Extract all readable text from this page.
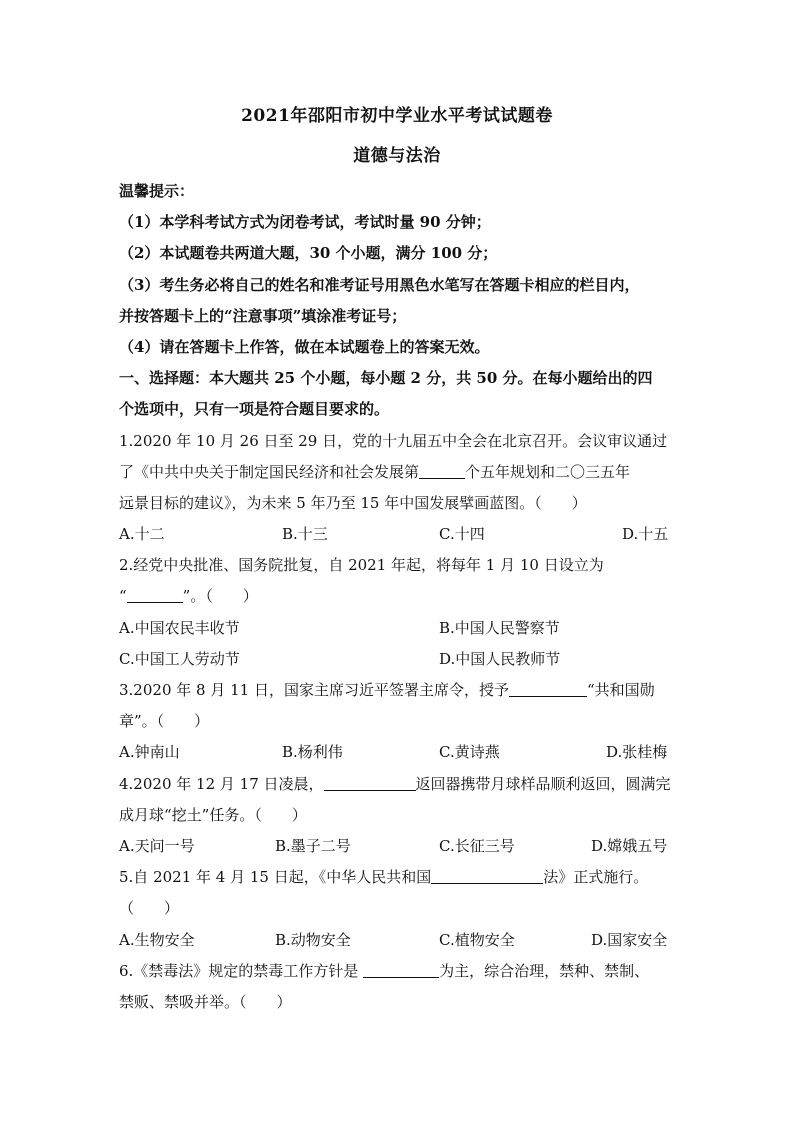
2021年邵阳市初中学业水平考试试题卷
道德与法治
温馨提示：
（1）本学科考试方式为闭卷考试，考试时量 90 分钟；
（2）本试题卷共两道大题，30 个小题，满分 100 分；
（3）考生务必将自己的姓名和准考证号用黑色水笔写在答题卡相应的栏目内，
并按答题卡上的“注意事项”填涂准考证号；
（4）请在答题卡上作答，做在本试题卷上的答案无效。
一、选择题：本大题共 25 个小题，每小题 2 分，共 50 分。在每小题给出的四
个选项中，只有一项是符合题目要求的。
1.2020 年 10 月 26 日至 29 日，党的十九届五中全会在北京召开。会议审议通过
了《中共中央关于制定国民经济和社会发展第	个五年规划和二〇三五年
远景目标的建议》，为未来 5 年乃至 15 年中国发展擘画蓝图。（　　）
A.十二	B.十三	C.十四	D.十五
2.经党中央批准、国务院批复，自 2021 年起，将每年 1 月 10 日设立为
“	”。（　　）
A.中国农民丰收节	B.中国人民警察节
C.中国工人劳动节	D.中国人民教师节
3.2020 年 8 月 11 日，国家主席习近平签署主席令，授予	“共和国勋
章”。（　　）
A.钟南山	B.杨利伟	C.黄诗燕	D.张桂梅
4.2020 年 12 月 17 日凌晨，	返回器携带月球样品顺利返回，圆满完
成月球“挖土”任务。（　　）
A.天问一号	B.墨子二号	C.长征三号	D.嫦娥五号
5.自 2021 年 4 月 15 日起，《中华人民共和国	法》正式施行。
（　　）
A.生物安全	B.动物安全	C.植物安全	D.国家安全
6.《禁毒法》规定的禁毒工作方针是	为主，综合治理，禁种、禁制、
禁贩、禁吸并举。（　　）
